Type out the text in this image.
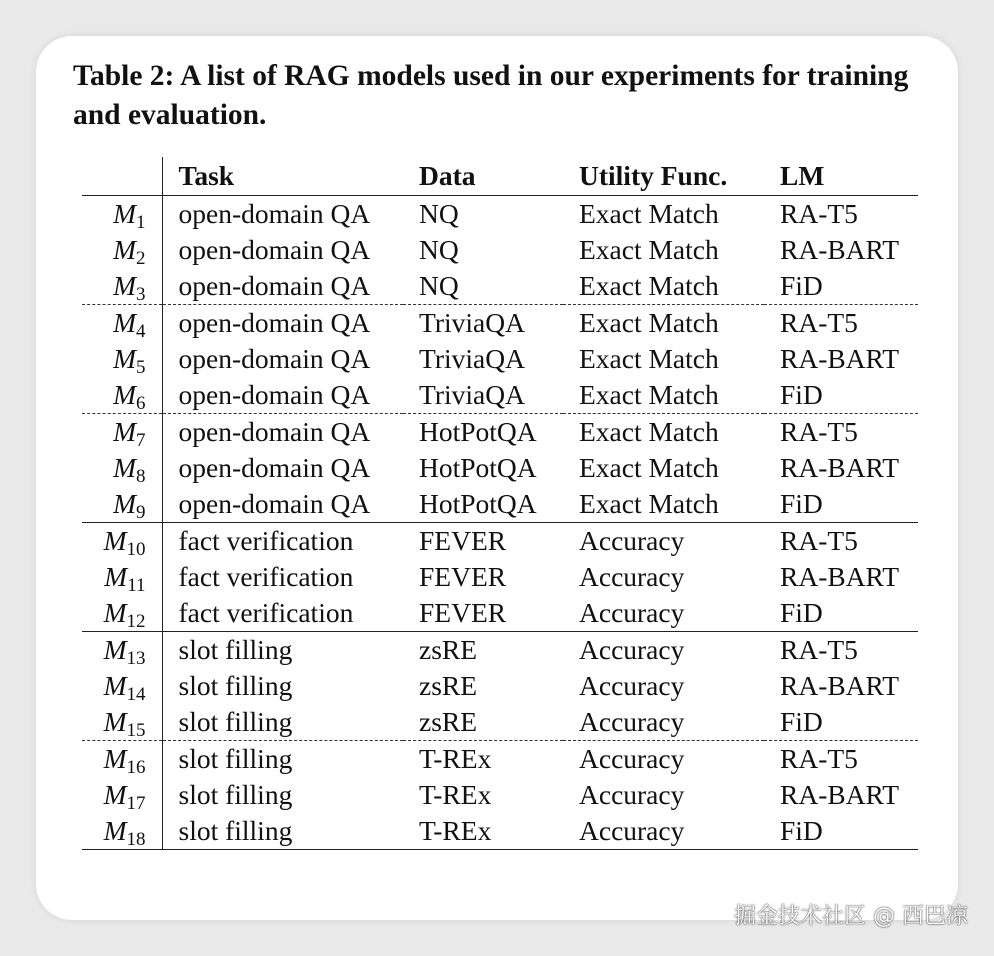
Table 2: A list of RAG models used in our experiments for training and evaluation.
	Task	Data	Utility Func.	LM
$M_1$	open-domain QA	NQ	Exact Match	RA-T5
$M_2$	open-domain QA	NQ	Exact Match	RA-BART
$M_3$	open-domain QA	NQ	Exact Match	FiD
$M_4$	open-domain QA	TriviaQA	Exact Match	RA-T5
$M_5$	open-domain QA	TriviaQA	Exact Match	RA-BART
$M_6$	open-domain QA	TriviaQA	Exact Match	FiD
$M_7$	open-domain QA	HotPotQA	Exact Match	RA-T5
$M_8$	open-domain QA	HotPotQA	Exact Match	RA-BART
$M_9$	open-domain QA	HotPotQA	Exact Match	FiD
$M_{10}$	fact verification	FEVER	Accuracy	RA-T5
$M_{11}$	fact verification	FEVER	Accuracy	RA-BART
$M_{12}$	fact verification	FEVER	Accuracy	FiD
$M_{13}$	slot filling	zsRE	Accuracy	RA-T5
$M_{14}$	slot filling	zsRE	Accuracy	RA-BART
$M_{15}$	slot filling	zsRE	Accuracy	FiD
$M_{16}$	slot filling	T-REx	Accuracy	RA-T5
$M_{17}$	slot filling	T-REx	Accuracy	RA-BART
$M_{18}$	slot filling	T-REx	Accuracy	FiD
掘金技术社区 @ 西巴凉
